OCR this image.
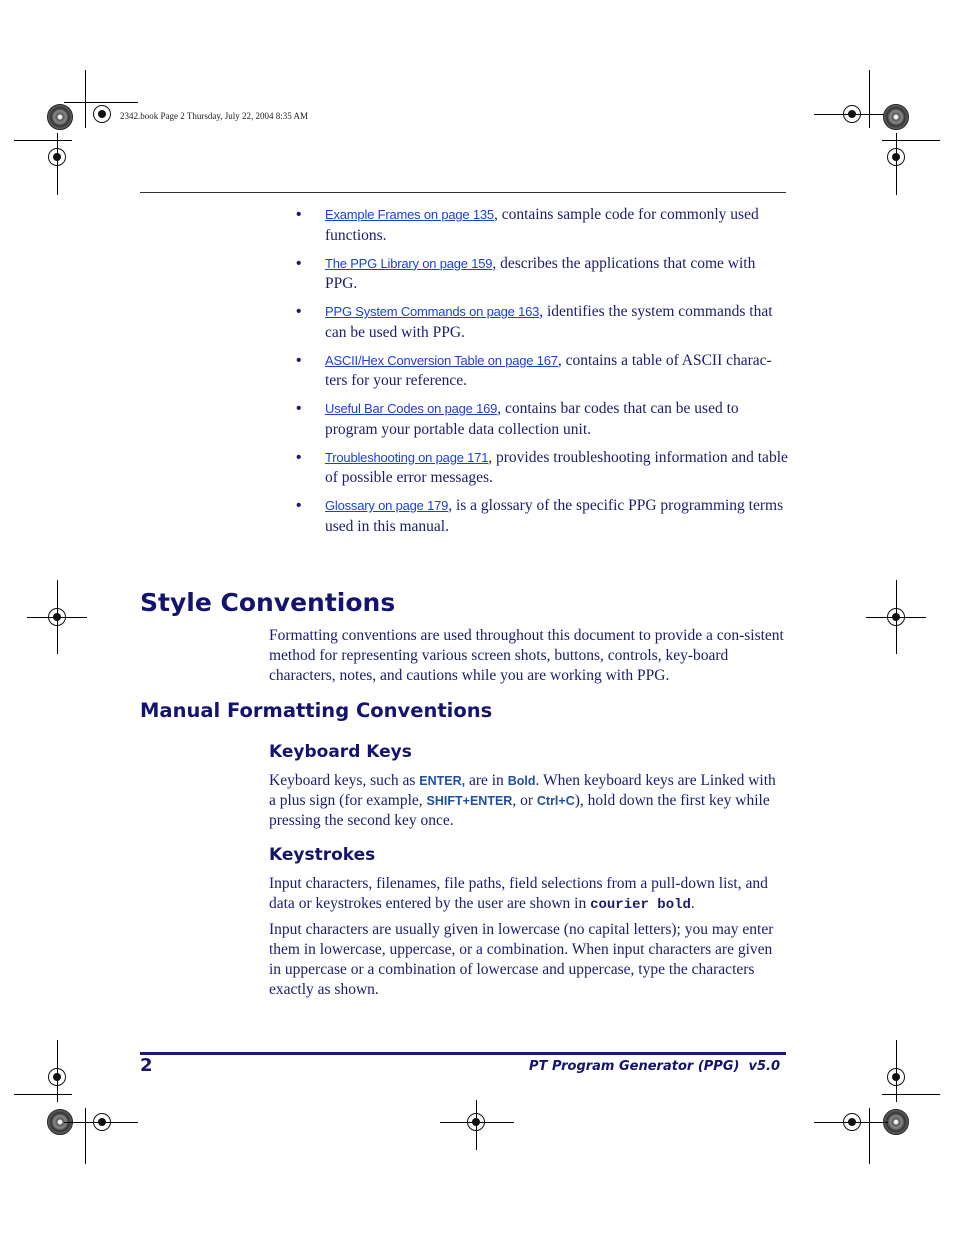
2342.book Page 2 Thursday, July 22, 2004 8:35 AM
• Example Frames on page 135, contains sample code for commonly used functions.
• The PPG Library on page 159, describes the applications that come with PPG.
• PPG System Commands on page 163, identifies the system commands that can be used with PPG.
• ASCII/Hex Conversion Table on page 167, contains a table of ASCII charac-ters for your reference.
• Useful Bar Codes on page 169, contains bar codes that can be used to program your portable data collection unit.
• Troubleshooting on page 171, provides troubleshooting information and table of possible error messages.
• Glossary on page 179, is a glossary of the specific PPG programming terms used in this manual.
Style Conventions

Formatting conventions are used throughout this document to provide a con-sistent method for representing various screen shots, buttons, controls, key-board characters, notes, and cautions while you are working with PPG.

Manual Formatting Conventions
Keyboard Keys

Keyboard keys, such as ENTER, are in Bold. When keyboard keys are Linked with a plus sign (for example, SHIFT+ENTER, or Ctrl+C), hold down the first key while pressing the second key once.

Keystrokes

Input characters, filenames, file paths, field selections from a pull-down list, and data or keystrokes entered by the user are shown in courier bold.

Input characters are usually given in lowercase (no capital letters); you may enter them in lowercase, uppercase, or a combination. When input characters are given in uppercase or a combination of lowercase and uppercase, type the characters exactly as shown.

2	PT Program Generator (PPG)  v5.0
